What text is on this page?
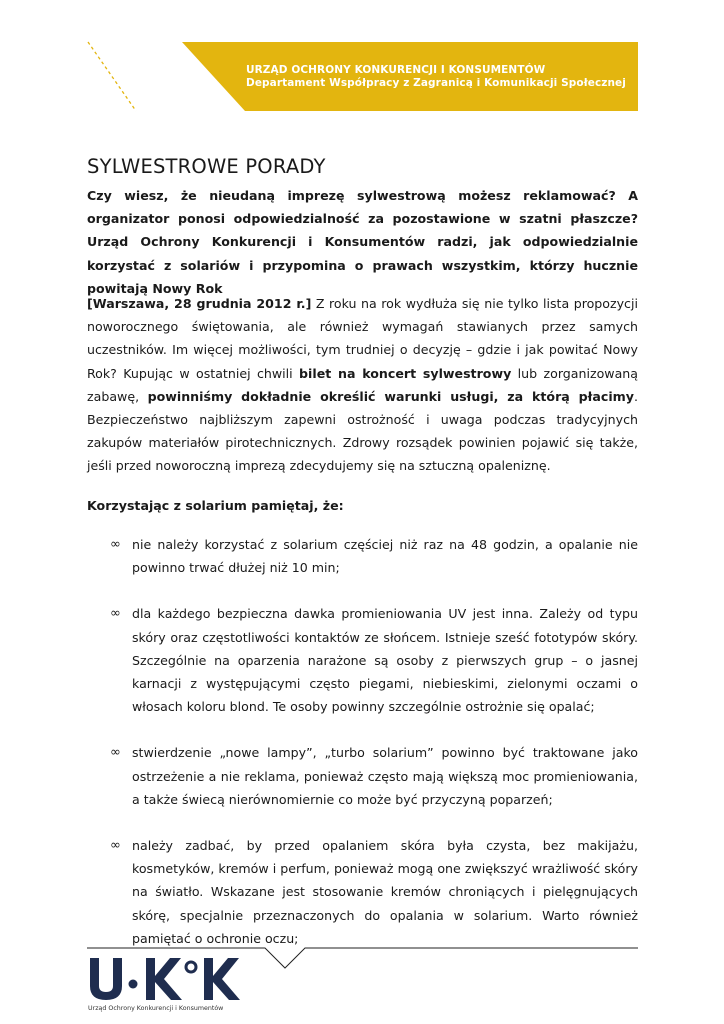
URZĄD OCHRONY KONKURENCJI I KONSUMENTÓW
Departament Współpracy z Zagranicą i Komunikacji Społecznej
SYLWESTROWE PORADY
Czy wiesz, że nieudaną imprezę sylwestrową możesz reklamować? A organizator ponosi odpowiedzialność za pozostawione w szatni płaszcze? Urząd Ochrony Konkurencji i Konsumentów radzi, jak odpowiedzialnie korzystać z solariów i przypomina o prawach wszystkim, którzy hucznie powitają Nowy Rok
[Warszawa, 28 grudnia 2012 r.] Z roku na rok wydłuża się nie tylko lista propozycji noworocznego świętowania, ale również wymagań stawianych przez samych uczestników. Im więcej możliwości, tym trudniej o decyzję – gdzie i jak powitać Nowy Rok? Kupując w ostatniej chwili bilet na koncert sylwestrowy lub zorganizowaną zabawę, powinniśmy dokładnie określić warunki usługi, za którą płacimy. Bezpieczeństwo najbliższym zapewni ostrożność i uwaga podczas tradycyjnych zakupów materiałów pirotechnicznych. Zdrowy rozsądek powinien pojawić się także, jeśli przed noworoczną imprezą zdecydujemy się na sztuczną opaleniznę.
Korzystając z solarium pamiętaj, że:
∞ nie należy korzystać z solarium częściej niż raz na 48 godzin, a opalanie nie powinno trwać dłużej niż 10 min;
∞ dla każdego bezpieczna dawka promieniowania UV jest inna. Zależy od typu skóry oraz częstotliwości kontaktów ze słońcem. Istnieje sześć fototypów skóry. Szczególnie na oparzenia narażone są osoby z pierwszych grup – o jasnej karnacji z występującymi często piegami, niebieskimi, zielonymi oczami o włosach koloru blond. Te osoby powinny szczególnie ostrożnie się opalać;
∞ stwierdzenie „nowe lampy”, „turbo solarium” powinno być traktowane jako ostrzeżenie a nie reklama, ponieważ często mają większą moc promieniowania, a także świecą nierównomiernie co może być przyczyną poparzeń;
∞ należy zadbać, by przed opalaniem skóra była czysta, bez makijażu, kosmetyków, kremów i perfum, ponieważ mogą one zwiększyć wrażliwość skóry na światło. Wskazane jest stosowanie kremów chroniących i pielęgnujących skórę, specjalnie przeznaczonych do opalania w solarium. Warto również pamiętać o ochronie oczu;
Urząd Ochrony Konkurencji i Konsumentów
